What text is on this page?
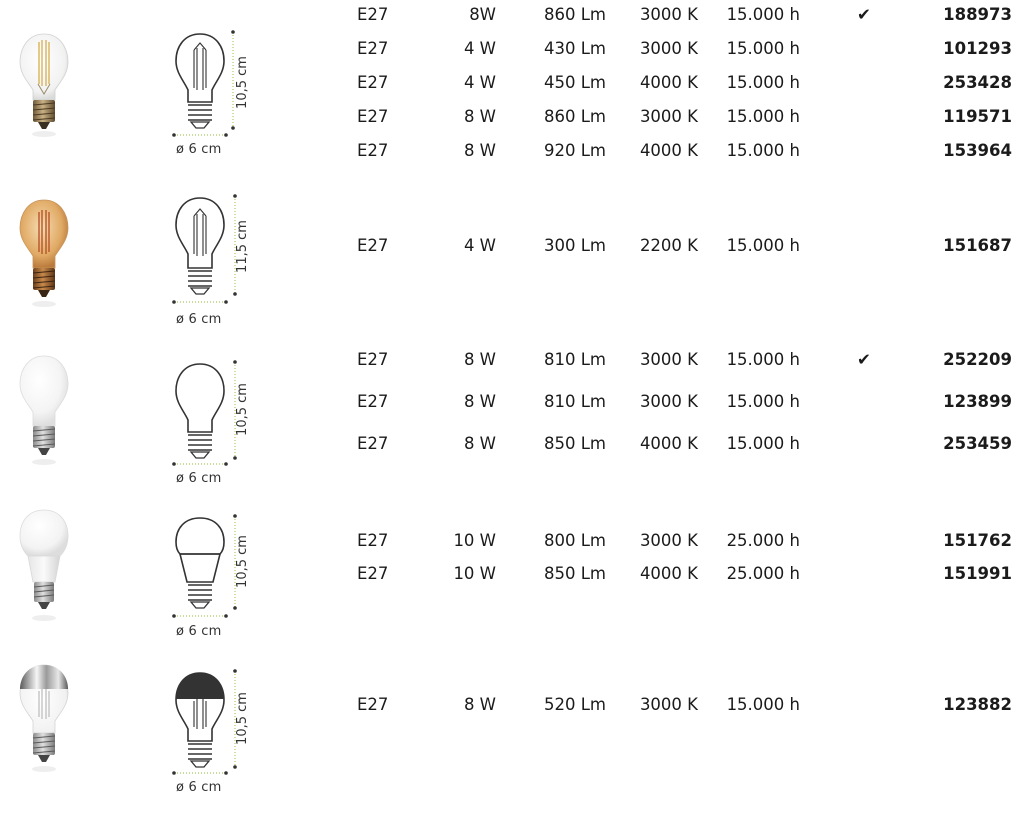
10,5 cm
ø 6 cm
E27	8W	860 Lm	3000 K	15.000 h	✔	188973
E27	4 W	430 Lm	3000 K	15.000 h	101293
E27	4 W	450 Lm	4000 K	15.000 h	253428
E27	8 W	860 Lm	3000 K	15.000 h	119571
E27	8 W	920 Lm	4000 K	15.000 h	153964
11,5 cm
ø 6 cm
E27	4 W	300 Lm	2200 K	15.000 h	151687
10,5 cm
ø 6 cm
E27	8 W	810 Lm	3000 K	15.000 h	✔	252209
E27	8 W	810 Lm	3000 K	15.000 h	123899
E27	8 W	850 Lm	4000 K	15.000 h	253459
10,5 cm
ø 6 cm
E27	10 W	800 Lm	3000 K	25.000 h	151762
E27	10 W	850 Lm	4000 K	25.000 h	151991
10,5 cm
ø 6 cm
E27	8 W	520 Lm	3000 K	15.000 h	123882
